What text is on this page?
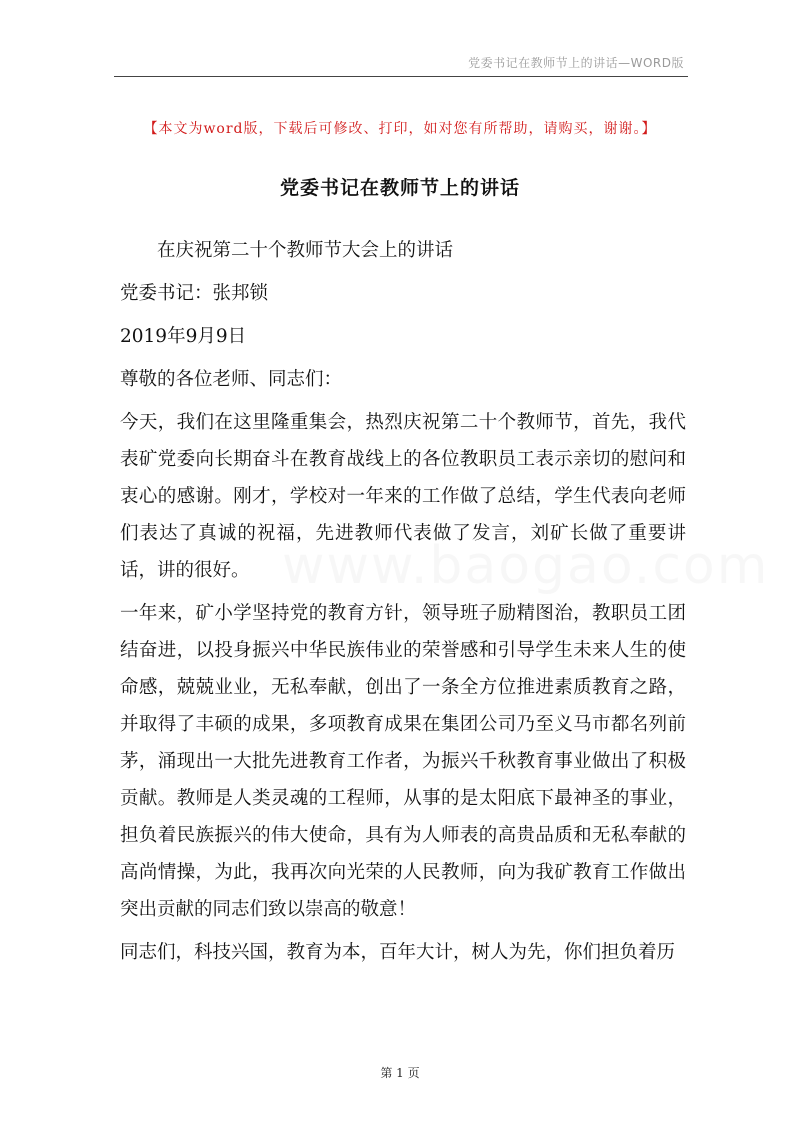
党委书记在教师节上的讲话—WORD版
【本文为word版，下载后可修改、打印，如对您有所帮助，请购买，谢谢。】
党委书记在教师节上的讲话
www.baogao.com

在庆祝第二十个教师节大会上的讲话

党委书记：张邦锁

2019年9月9日

尊敬的各位老师、同志们：

今天，我们在这里隆重集会，热烈庆祝第二十个教师节，首先，我代表矿党委向长期奋斗在教育战线上的各位教职员工表示亲切的慰问和衷心的感谢。刚才，学校对一年来的工作做了总结，学生代表向老师们表达了真诚的祝福，先进教师代表做了发言，刘矿长做了重要讲话，讲的很好。

一年来，矿小学坚持党的教育方针，领导班子励精图治，教职员工团结奋进，以投身振兴中华民族伟业的荣誉感和引导学生未来人生的使命感，兢兢业业，无私奉献，创出了一条全方位推进素质教育之路，并取得了丰硕的成果，多项教育成果在集团公司乃至义马市都名列前茅，涌现出一大批先进教育工作者，为振兴千秋教育事业做出了积极贡献。教师是人类灵魂的工程师，从事的是太阳底下最神圣的事业，担负着民族振兴的伟大使命，具有为人师表的高贵品质和无私奉献的高尚情操，为此，我再次向光荣的人民教师，向为我矿教育工作做出突出贡献的同志们致以崇高的敬意！

同志们，科技兴国，教育为本，百年大计，树人为先，你们担负着历

第 1 页
